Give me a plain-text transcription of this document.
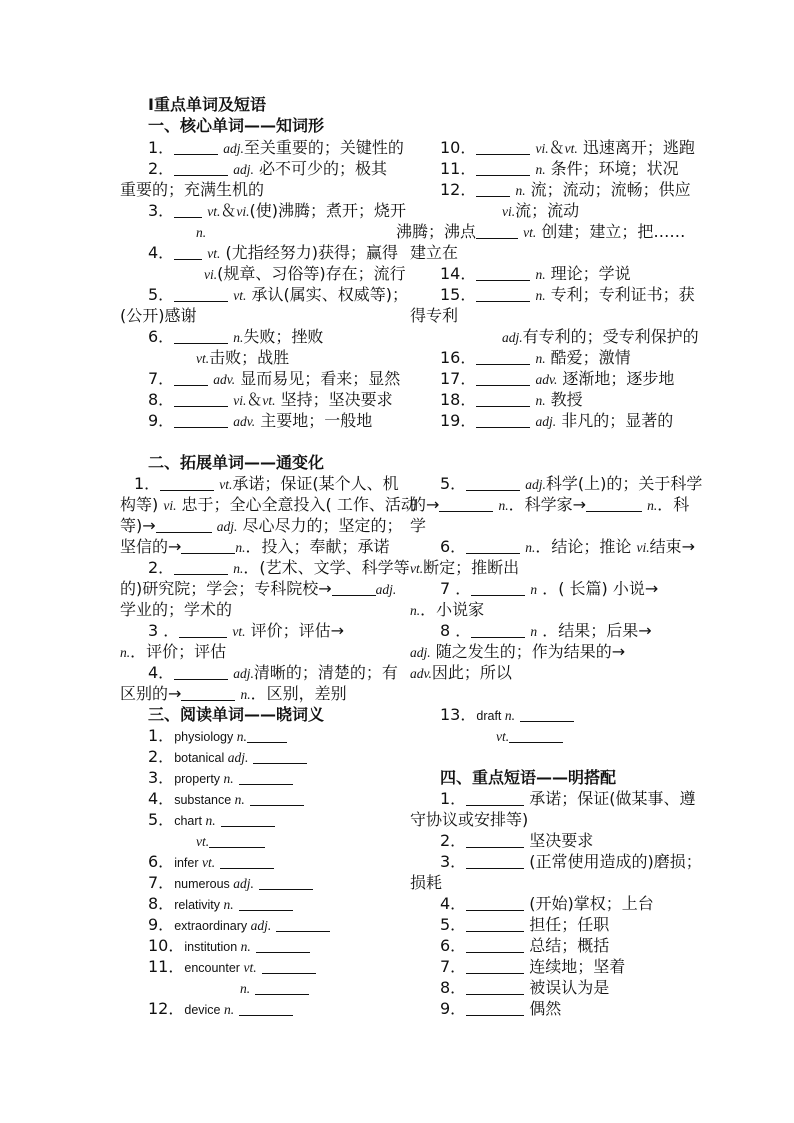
Ⅰ重点单词及短语
一、核心单词——知词形
1．	adj.至关重要的；关键性的
2．	adj. 必不可少的；极其
重要的；充满生机的
3． vt.＆vi.(使)沸腾；煮开；烧开
n.
4． vt. (尤指经努力)获得；赢得
vi.(规章、习俗等)存在；流行
5．	vt. 承认(属实、权威等)；
(公开)感谢
6．	n.失败；挫败
vt.击败；战胜
7．	adv. 显而易见；看来；显然
8．	vi.＆vt. 坚持；坚决要求
9．	adv. 主要地；一般地
二、拓展单词——通变化
1．	vt.承诺；保证(某个人、机
构等) vi. 忠于；全心全意投入( 工作、活动
等)→	adj. 尽心尽力的；坚定的；
坚信的→	n.．投入；奉献；承诺
2．	n.．(艺术、文学、科学等
的)研究院；学会；专科院校→	adj.
学业的；学术的
3 ．	vt. 评价；评估→
n.．评价；评估
4．	adj.清晰的；清楚的；有
区别的→	n.．区别，差别
三、阅读单词——晓词义
1．physiology n.
2．botanical adj.
3．property n.
4．substance n.
5．chart n.
vt.
6．infer vt.
7．numerous adj.
8．relativity n.
9．extraordinary adj.
10．institution n.
11．encounter vt.
n.
12．device n.
10．	vi.＆vt. 迅速离开；逃跑
11．	n. 条件；环境；状况
12．	n. 流；流动；流畅；供应
vi.流；流动
沸腾；沸点	vt. 创建；建立；把……
建立在
14．	n. 理论；学说
15．	n. 专利；专利证书；获
得专利
adj.有专利的；受专利保护的
16．	n. 酷爱；激情
17．	adv. 逐渐地；逐步地
18．	n. 教授
19．	adj. 非凡的；显著的
5．	adj.科学(上)的；关于科学
的→	n.．科学家→	n.．科
学
6．	n.．结论；推论 vi.结束→
vt.断定；推断出
7 ．	n ．( 长篇) 小说→
n.．小说家
8 ．	n ．结果；后果→
adj. 随之发生的；作为结果的→
adv.因此；所以
13．draft n.
vt.
四、重点短语——明搭配
1．	承诺；保证(做某事、遵
守协议或安排等)
2．	坚决要求
3．	(正常使用造成的)磨损；
损耗
4．	(开始)掌权；上台
5．	担任；任职
6．	总结；概括
7．	连续地；坚着
8．	被误认为是
9．	偶然
